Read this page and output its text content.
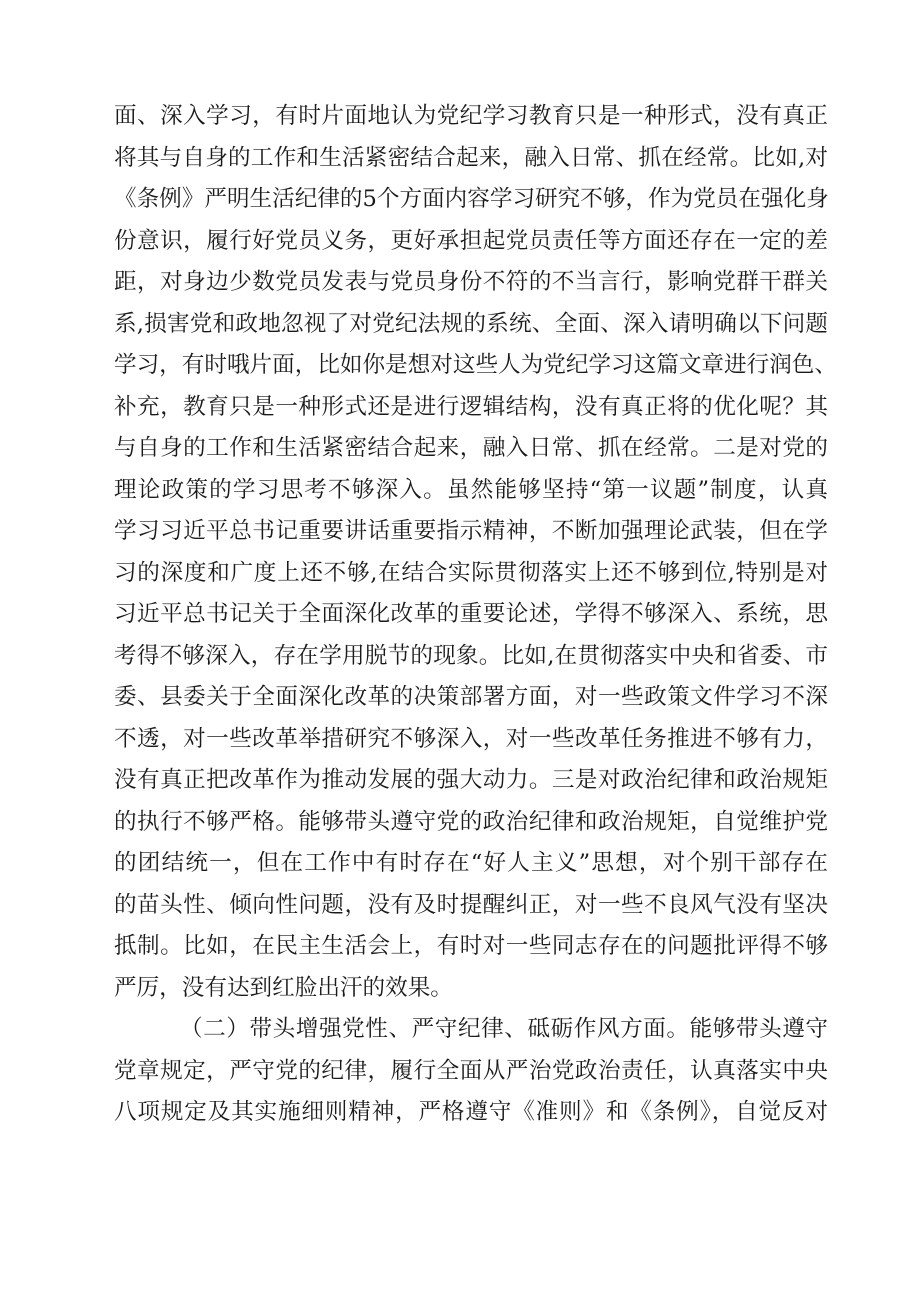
面、深入学习，有时片面地认为党纪学习教育只是一种形式，没有真正
将其与自身的工作和生活紧密结合起来，融入日常、抓在经常。比如,对
《条例》严明生活纪律的5个方面内容学习研究不够，作为党员在强化身
份意识，履行好党员义务，更好承担起党员责任等方面还存在一定的差
距，对身边少数党员发表与党员身份不符的不当言行，影响党群干群关
系,损害党和政地忽视了对党纪法规的系统、全面、深入请明确以下问题
学习，有时哦片面，比如你是想对这些人为党纪学习这篇文章进行润色、
补充，教育只是一种形式还是进行逻辑结构，没有真正将的优化呢？其
与自身的工作和生活紧密结合起来，融入日常、抓在经常。二是对党的
理论政策的学习思考不够深入。虽然能够坚持“第一议题”制度，认真
学习习近平总书记重要讲话重要指示精神，不断加强理论武装，但在学
习的深度和广度上还不够,在结合实际贯彻落实上还不够到位,特别是对
习近平总书记关于全面深化改革的重要论述，学得不够深入、系统，思
考得不够深入，存在学用脱节的现象。比如,在贯彻落实中央和省委、市
委、县委关于全面深化改革的决策部署方面，对一些政策文件学习不深
不透，对一些改革举措研究不够深入，对一些改革任务推进不够有力，
没有真正把改革作为推动发展的强大动力。三是对政治纪律和政治规矩
的执行不够严格。能够带头遵守党的政治纪律和政治规矩，自觉维护党
的团结统一，但在工作中有时存在“好人主义”思想，对个别干部存在
的苗头性、倾向性问题，没有及时提醒纠正，对一些不良风气没有坚决
抵制。比如，在民主生活会上，有时对一些同志存在的问题批评得不够
严厉，没有达到红脸出汗的效果。

（二）带头增强党性、严守纪律、砥砺作风方面。能够带头遵守
党章规定，严守党的纪律，履行全面从严治党政治责任，认真落实中央
八项规定及其实施细则精神，严格遵守《准则》和《条例》，自觉反对
